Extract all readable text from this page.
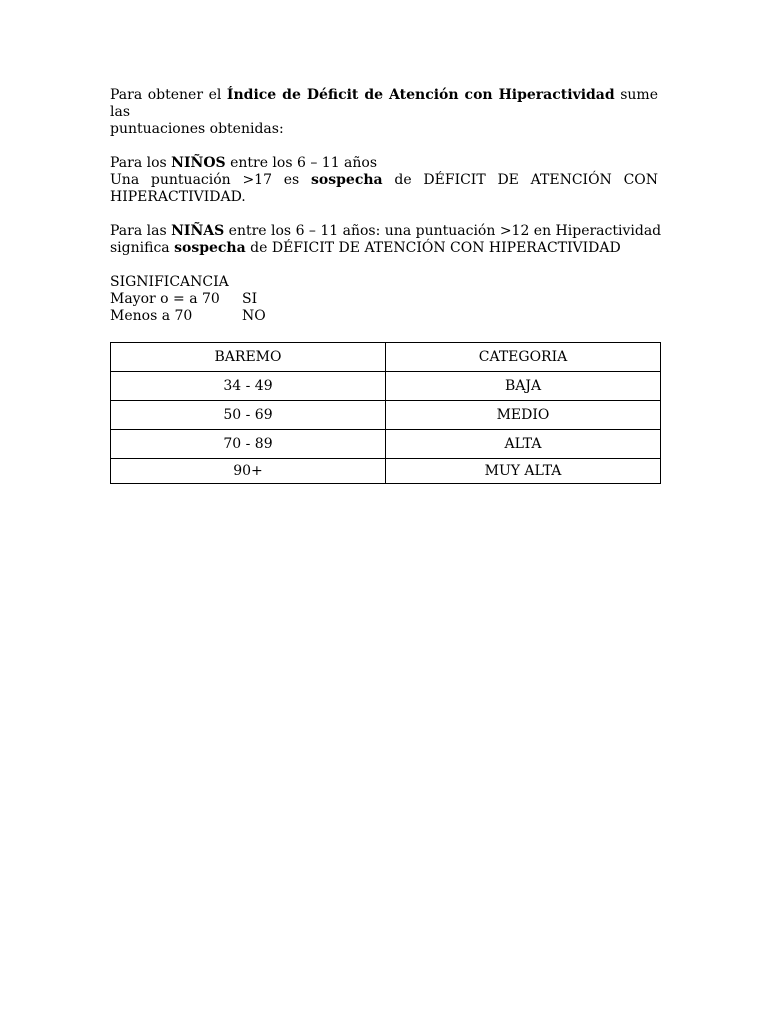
Para obtener el Índice de Déficit de Atención con Hiperactividad sume las

puntuaciones obtenidas:

Para los NIÑOS entre los 6 – 11 años

Una puntuación >17 es sospecha de DÉFICIT DE ATENCIÓN CON

HIPERACTIVIDAD.

Para las NIÑAS entre los 6 – 11 años: una puntuación >12 en Hiperactividad

significa sospecha de DÉFICIT DE ATENCIÓN CON HIPERACTIVIDAD

SIGNIFICANCIA

Mayor o = a 70	SI
Menos a 70	NO
BAREMO	CATEGORIA
34 - 49	BAJA
50 - 69	MEDIO
70 - 89	ALTA
90+	MUY ALTA
